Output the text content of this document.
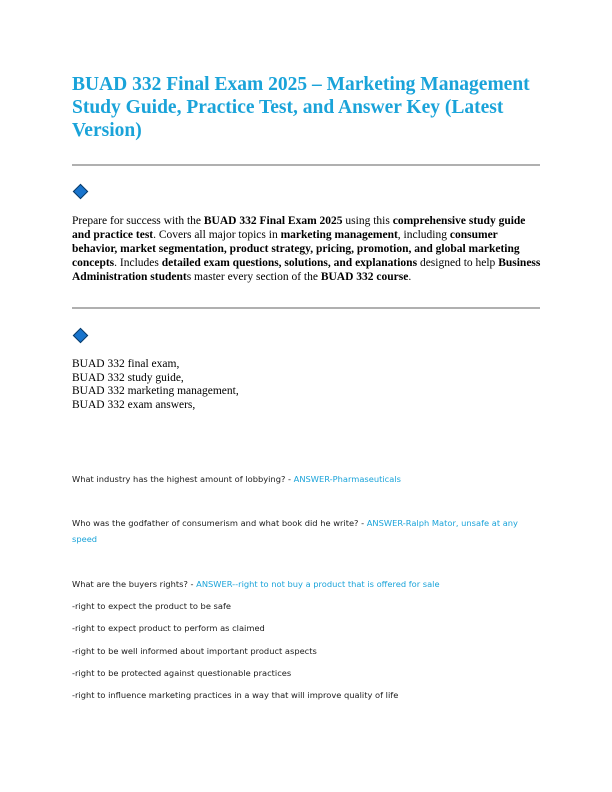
BUAD 332 Final Exam 2025 – Marketing Management Study Guide, Practice Test, and Answer Key (Latest Version)

Prepare for success with the BUAD 332 Final Exam 2025 using this comprehensive study guide and practice test. Covers all major topics in marketing management, including consumer behavior, market segmentation, product strategy, pricing, promotion, and global marketing concepts. Includes detailed exam questions, solutions, and explanations designed to help Business Administration students master every section of the BUAD 332 course.

BUAD 332 final exam,
BUAD 332 study guide,
BUAD 332 marketing management,
BUAD 332 exam answers,

What industry has the highest amount of lobbying? - ANSWER-Pharmaseuticals

Who was the godfather of consumerism and what book did he write? - ANSWER-Ralph Mator, unsafe at any speed

What are the buyers rights? - ANSWER--right to not buy a product that is offered for sale

-right to expect the product to be safe

-right to expect product to perform as claimed

-right to be well informed about important product aspects

-right to be protected against questionable practices

-right to influence marketing practices in a way that will improve quality of life
